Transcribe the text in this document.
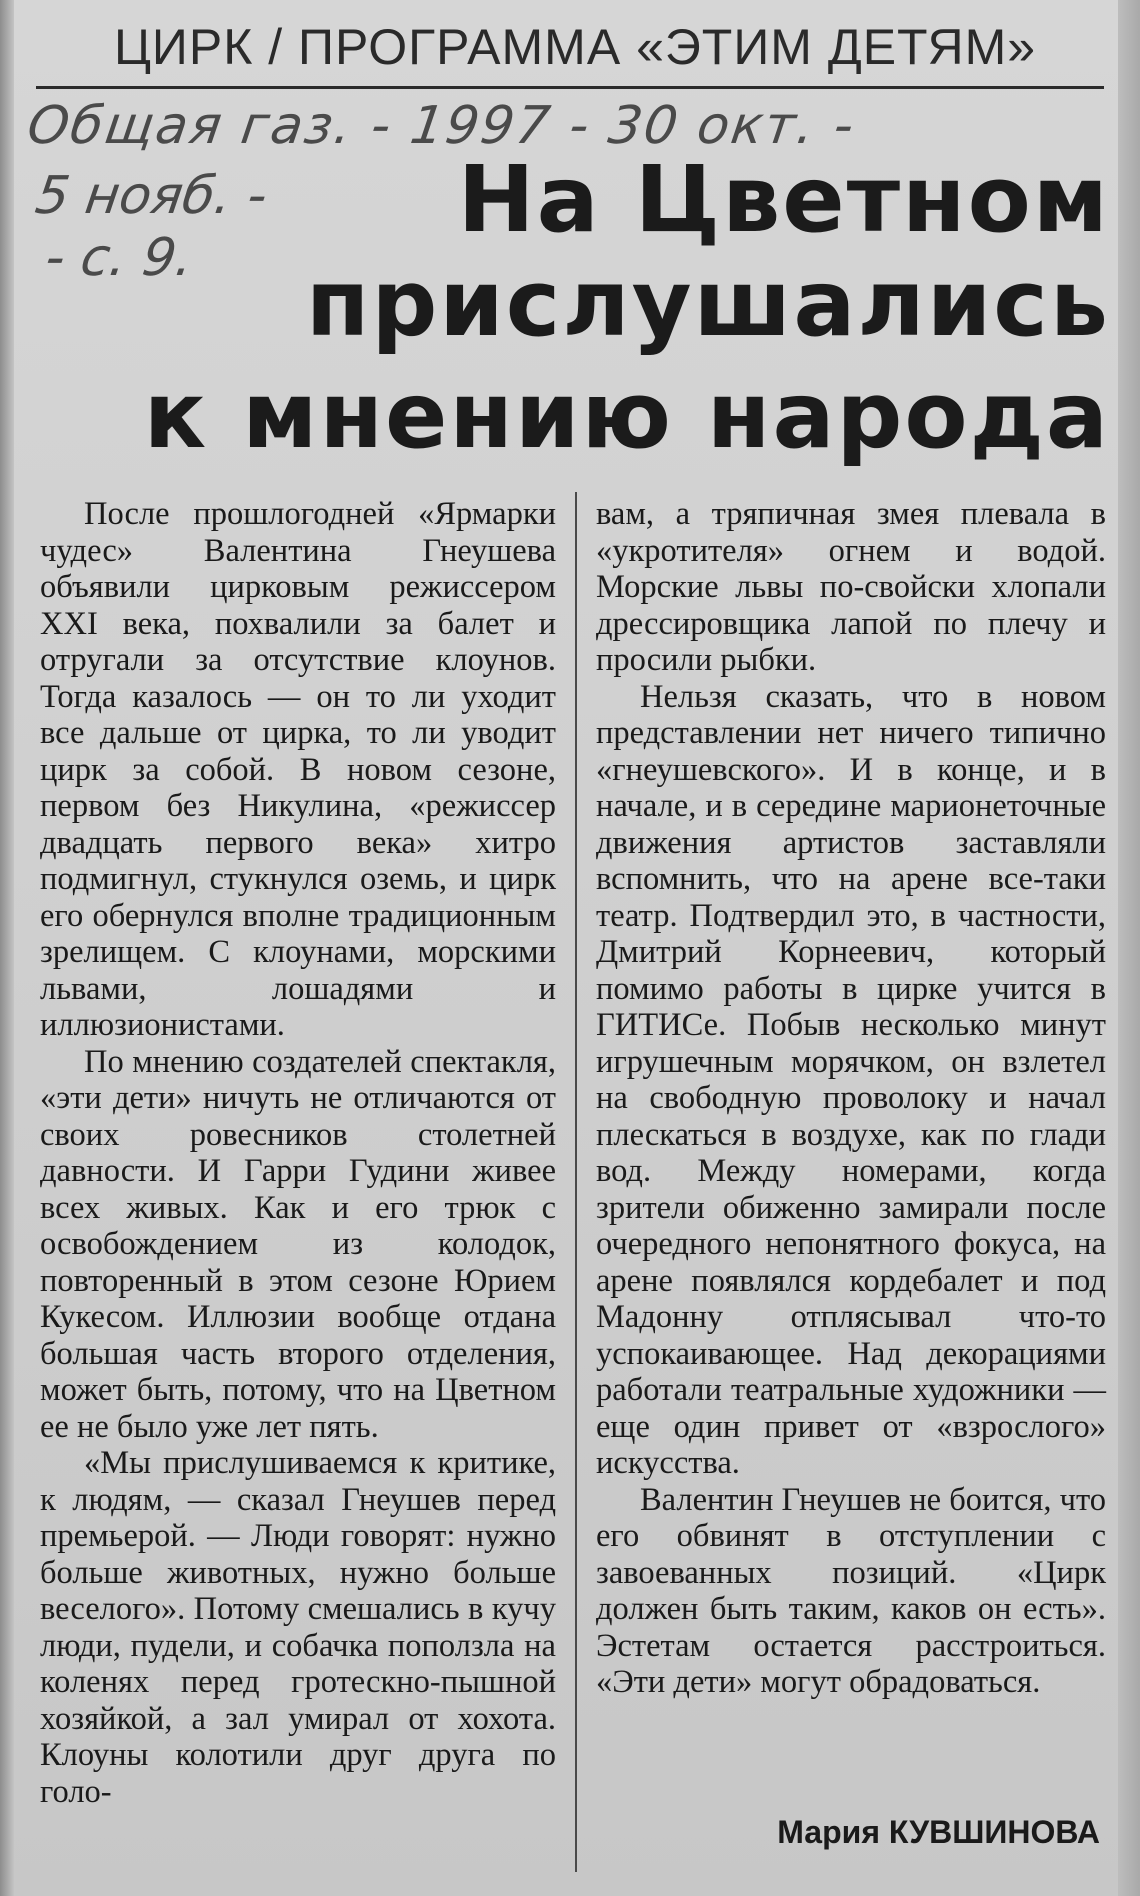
ЦИРК / ПРОГРАММА «ЭТИМ ДЕТЯМ»
Общая газ. - 1997 - 30 окт. -
5 нояб. -
- с. 9.
На Цветном
прислушались
к мнению народа

После прошлогодней «Ярмарки чудес» Валентина Гнеушева объявили цирковым режиссером XXI века, похвалили за балет и отругали за отсутствие клоунов. Тогда казалось — он то ли уходит все дальше от цирка, то ли уводит цирк за собой. В новом сезоне, первом без Никулина, «режиссер двадцать первого века» хитро подмигнул, стукнулся оземь, и цирк его обернулся вполне традиционным зрелищем. С клоунами, морскими львами, лошадями и иллюзионистами.

По мнению создателей спектакля, «эти дети» ничуть не отличаются от своих ровесников столетней давности. И Гарри Гудини живее всех живых. Как и его трюк с освобождением из колодок, повторенный в этом сезоне Юрием Кукесом. Иллюзии вообще отдана большая часть второго отделения, может быть, потому, что на Цветном ее не было уже лет пять.

«Мы прислушиваемся к критике, к людям, — сказал Гнеушев перед премьерой. — Люди говорят: нужно больше животных, нужно больше веселого». Потому смешались в кучу люди, пудели, и собачка поползла на коленях перед гротескно-пышной хозяйкой, а зал умирал от хохота. Клоуны колотили друг друга по голо-

вам, а тряпичная змея плевала в «укротителя» огнем и водой. Морские львы по-свойски хлопали дрессировщика лапой по плечу и просили рыбки.

Нельзя сказать, что в новом представлении нет ничего типично «гнеушевского». И в конце, и в начале, и в середине марионеточные движения артистов заставляли вспомнить, что на арене все-таки театр. Подтвердил это, в частности, Дмитрий Корнеевич, который помимо работы в цирке учится в ГИТИСе. Побыв несколько минут игрушечным морячком, он взлетел на свободную проволоку и начал плескаться в воздухе, как по глади вод. Между номерами, когда зрители обиженно замирали после очередного непонятного фокуса, на арене появлялся кордебалет и под Мадонну отплясывал что-то успокаивающее. Над декорациями работали театральные художники — еще один привет от «взрослого» искусства.

Валентин Гнеушев не боится, что его обвинят в отступлении с завоеванных позиций. «Цирк должен быть таким, каков он есть». Эстетам остается расстроиться. «Эти дети» могут обрадоваться.

Мария КУВШИНОВА
